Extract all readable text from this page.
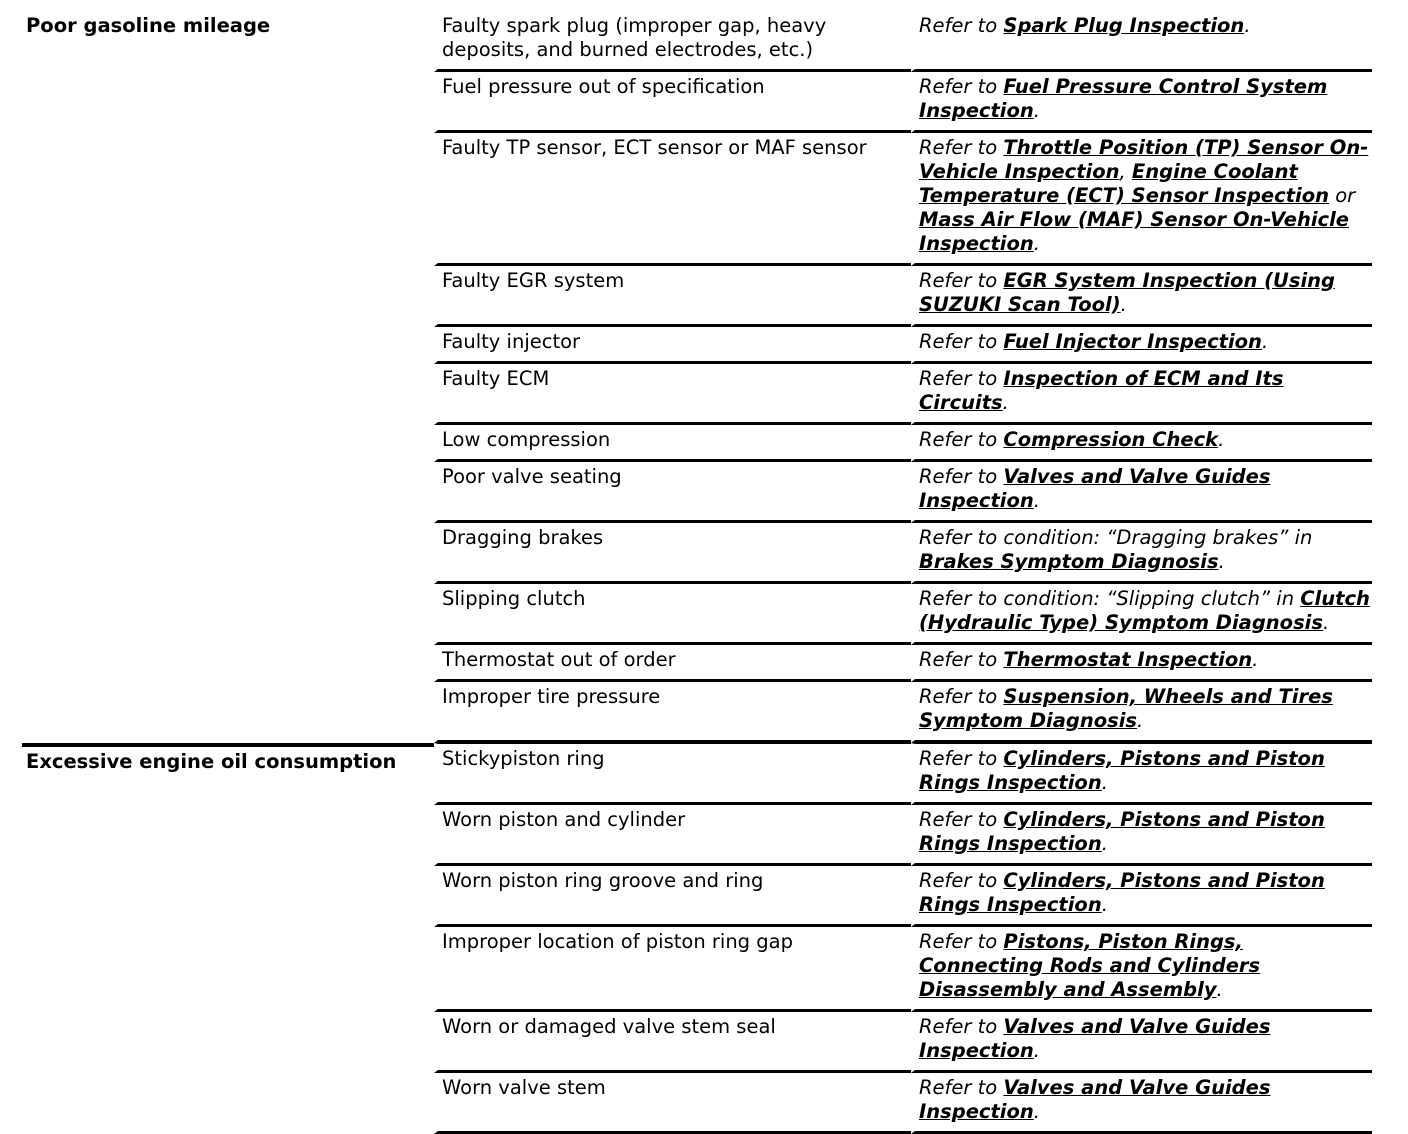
Poor gasoline mileage	Faulty spark plug (improper gap, heavy deposits, and burned electrodes, etc.)	Refer to Spark Plug Inspection.

	Fuel pressure out of specification	Refer to Fuel Pressure Control System Inspection.

	Faulty TP sensor, ECT sensor or MAF sensor	Refer to Throttle Position (TP) Sensor On-Vehicle Inspection, Engine Coolant Temperature (ECT) Sensor Inspection or Mass Air Flow (MAF) Sensor On-Vehicle Inspection.

	Faulty EGR system	Refer to EGR System Inspection (Using SUZUKI Scan Tool).

	Faulty injector	Refer to Fuel Injector Inspection.

	Faulty ECM	Refer to Inspection of ECM and Its Circuits.

	Low compression	Refer to Compression Check.

	Poor valve seating	Refer to Valves and Valve Guides Inspection.

	Dragging brakes	Refer to condition: “Dragging brakes” in Brakes Symptom Diagnosis.

	Slipping clutch	Refer to condition: “Slipping clutch” in Clutch (Hydraulic Type) Symptom Diagnosis.

	Thermostat out of order	Refer to Thermostat Inspection.

	Improper tire pressure	Refer to Suspension, Wheels and Tires Symptom Diagnosis.

Excessive engine oil consumption	Stickypiston ring	Refer to Cylinders, Pistons and Piston Rings Inspection.

	Worn piston and cylinder	Refer to Cylinders, Pistons and Piston Rings Inspection.

	Worn piston ring groove and ring	Refer to Cylinders, Pistons and Piston Rings Inspection.

	Improper location of piston ring gap	Refer to Pistons, Piston Rings, Connecting Rods and Cylinders Disassembly and Assembly.

	Worn or damaged valve stem seal	Refer to Valves and Valve Guides Inspection.

	Worn valve stem	Refer to Valves and Valve Guides Inspection.
